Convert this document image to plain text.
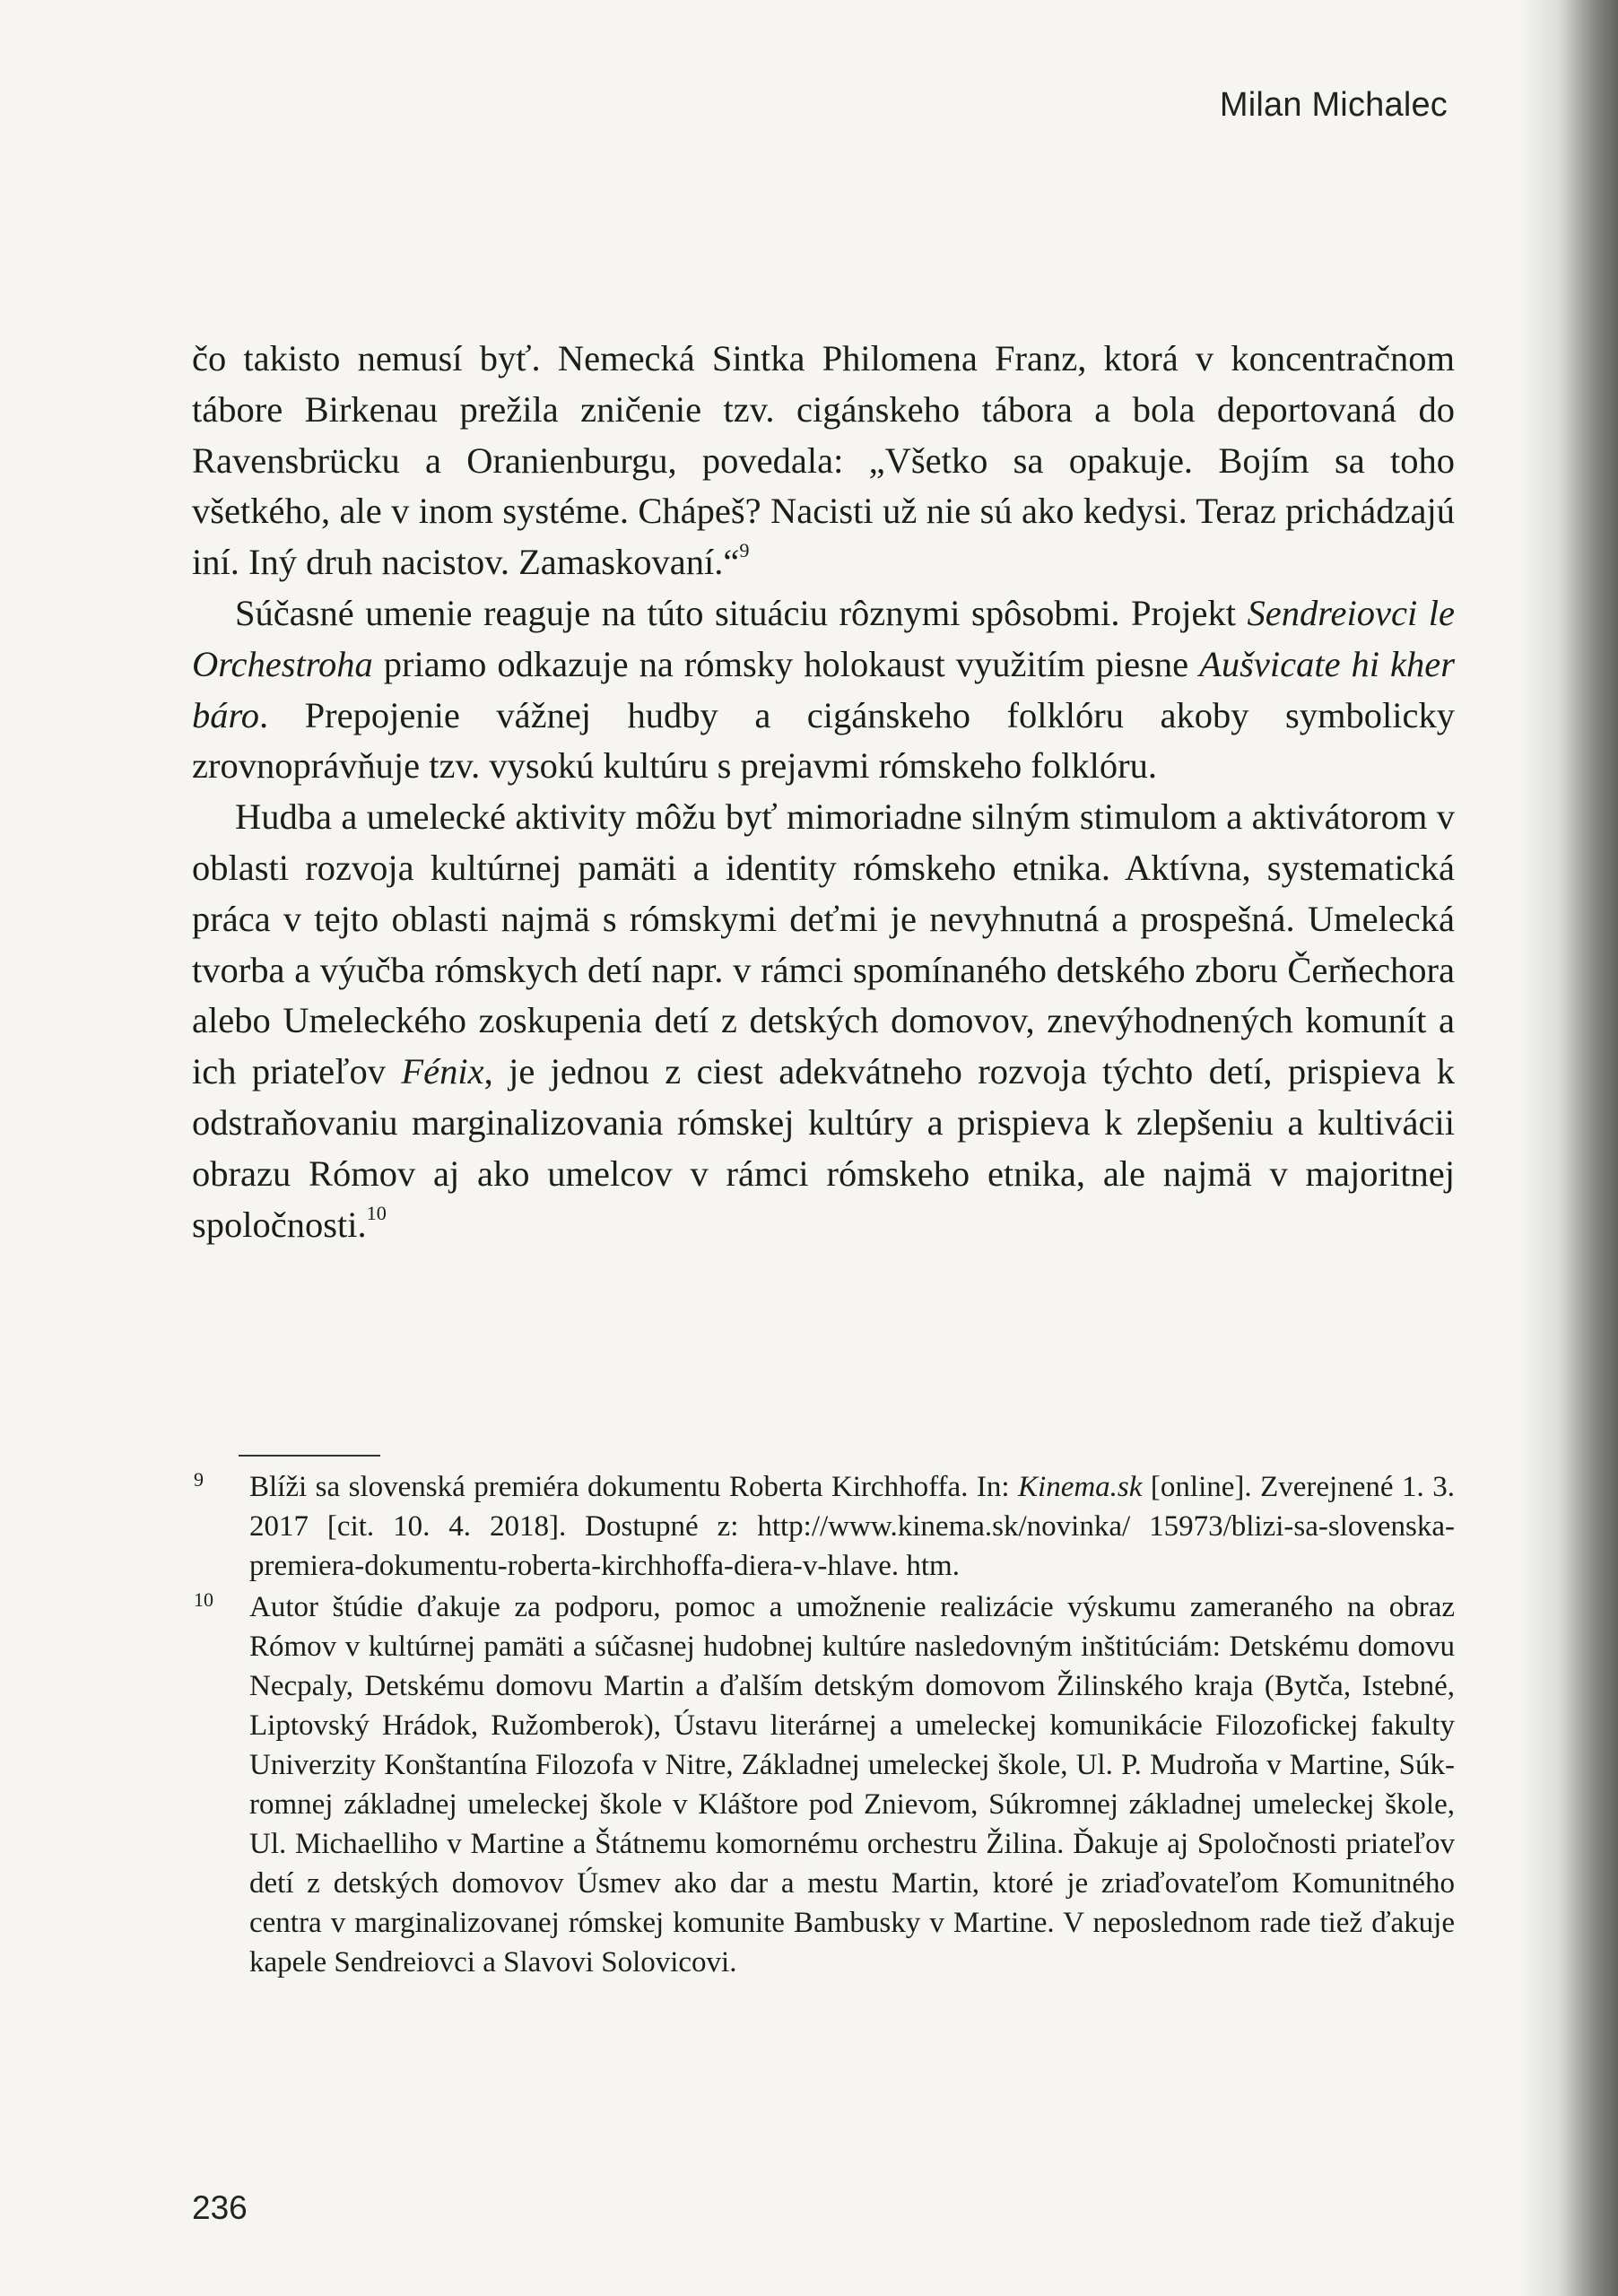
Milan Michalec

čo takisto nemusí byť. Nemecká Sintka Philomena Franz, ktorá v koncentračnom tábore Birkenau prežila zničenie tzv. cigánskeho tábora a bola deportovaná do Ravensbrücku a Oranienburgu, povedala: „Všetko sa opakuje. Bojím sa toho všetkého, ale v inom systéme. Chápeš? Nacisti už nie sú ako kedysi. Teraz prichádzajú iní. Iný druh nacistov. Zamaskovaní.“$^9$

Súčasné umenie reaguje na túto situáciu rôznymi spôsobmi. Projekt Sendreiovci le Orchestroha priamo odkazuje na rómsky holokaust využitím piesne Aušvicate hi kher báro. Prepojenie vážnej hudby a cigánskeho folklóru akoby symbolicky zrovnoprávňuje tzv. vysokú kultúru s prejavmi rómskeho folklóru.

Hudba a umelecké aktivity môžu byť mimoriadne silným stimulom a aktivátorom v oblasti rozvoja kultúrnej pamäti a identity rómskeho etnika. Aktívna, systematická práca v tejto oblasti najmä s rómskymi deťmi je nevyhnutná a prospešná. Umelecká tvorba a výučba rómskych detí napr. v rámci spomínaného detského zboru Čerňechora alebo Umeleckého zoskupenia detí z detských domovov, znevýhodnených komunít a ich priateľov Fénix, je jednou z ciest adekvátneho rozvoja týchto detí, prispieva k odstraňovaniu marginalizovania rómskej kultúry a prispieva k zlepšeniu a kultivácii obrazu Rómov aj ako umelcov v rámci rómskeho etnika, ale najmä v majoritnej spoločnosti.$^{10}$

9	Blíži sa slovenská premiéra dokumentu Roberta Kirchhoffa. In: Kinema.sk [online]. Zverejnené 1. 3. 2017 [cit. 10. 4. 2018]. Dostupné z: http://www.kinema.sk/novinka/ 15973/blizi-sa-slovenska-premiera-dokumentu-roberta-kirchhoffa-diera-v-hlave. htm.
10	Autor štúdie ďakuje za podporu, pomoc a umožnenie realizácie výskumu zameraného na obraz Rómov v kultúrnej pamäti a súčasnej hudobnej kultúre nasledovným inštitúciám: Detskému domovu Necpaly, Detskému domovu Martin a ďalším detským domovom Žilinského kraja (Bytča, Istebné, Liptovský Hrádok, Ružomberok), Ústavu literárnej a umeleckej komunikácie Filozofickej fakulty Univerzity Konštantína Filozofa v Nitre, Základnej umeleckej škole, Ul. P. Mudroňa v Martine, Súkromnej základnej umeleckej škole v Kláštore pod Znievom, Súkromnej základnej umeleckej škole, Ul. Michaelliho v Martine a Štátnemu komornému orchestru Žilina. Ďakuje aj Spoločnosti priateľov detí z detských domovov Úsmev ako dar a mestu Martin, ktoré je zriaďovateľom Komunitného centra v marginalizovanej rómskej komunite Bambusky v Martine. V neposlednom rade tiež ďakuje kapele Sendreiovci a Slavovi Solovicovi.
236
